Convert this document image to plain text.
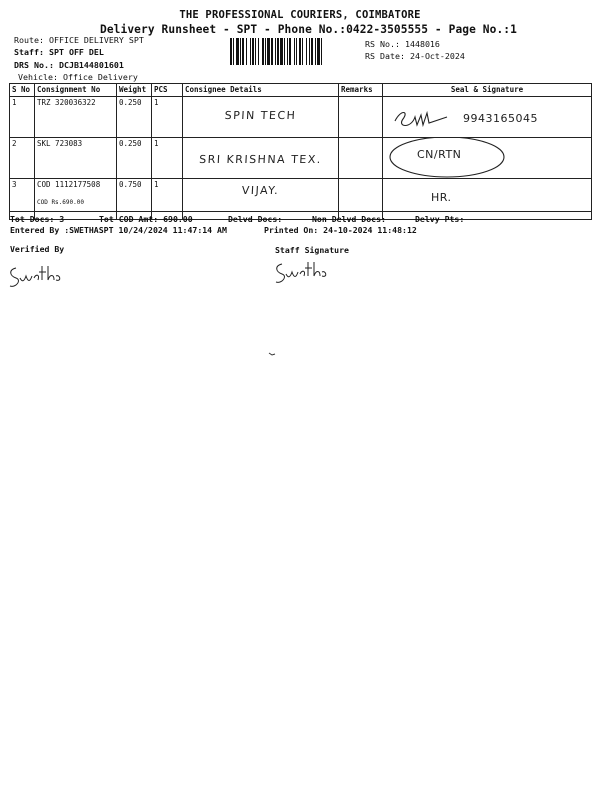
THE PROFESSIONAL COURIERS, COIMBATORE
Delivery Runsheet - SPT - Phone No.:0422-3505555 - Page No.:1
Route: OFFICE DELIVERY SPT
Staff: SPT OFF DEL
DRS No.: DCJB144801601
Vehicle: Office Delivery
RS No.: 1448016
RS Date: 24-Oct-2024
S No	Consignment No	Weight	PCS	Consignee Details	Remarks	Seal & Signature
1	TRZ 320036322	0.250	1	SPIN TECH		9943165045

2	SKL 723083	0.250	1	SRI KRISHNA TEX.		CN/RTN

3	COD 1112177508
COD Rs.690.00	0.750	1	VIJAY.		HR.
Tot Docs: 3	Tot COD Amt: 690.00	Delvd Docs:	Non Delvd Docs:	Delvy Pts:
Entered By :SWETHASPT 10/24/2024 11:47:14 AM	Printed On: 24-10-2024 11:48:12
Verified By	Staff Signature
